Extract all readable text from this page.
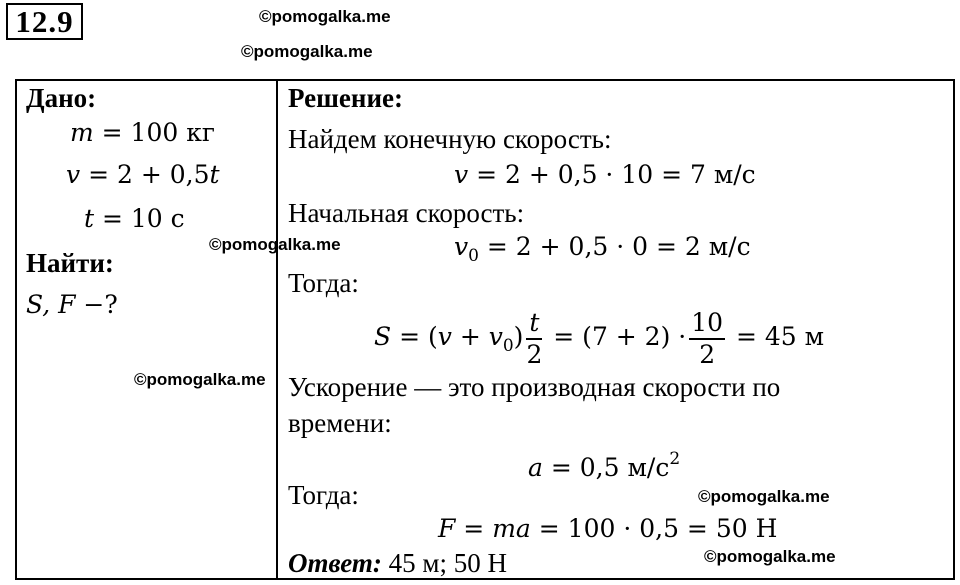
12.9	©pomogalka.me
©pomogalka.me
Дано:
m = 100 кг
v = 2 + 0,5t
t = 10 с
©pomogalka.me
Найти:
S, F −?
©pomogalka.me
Решение:
Найдем конечную скорость:
v = 2 + 0,5 · 10 = 7 м/с
Начальная скорость:
$v_0 = 2 + 0,5 \cdot 0 = 2$ м/с
Тогда:
$S = (v + v_0) \frac{t}{2} = (7 + 2) \cdot \frac{10}{2} = 45$ м
Ускорение — это производная скорости по
времени:
a = 0,5 $м/с^2$
Тогда:	©pomogalka.me
F = ma = 100 · 0,5 = 50 Н
Ответ: 45 м; 50 Н	©pomogalka.me
